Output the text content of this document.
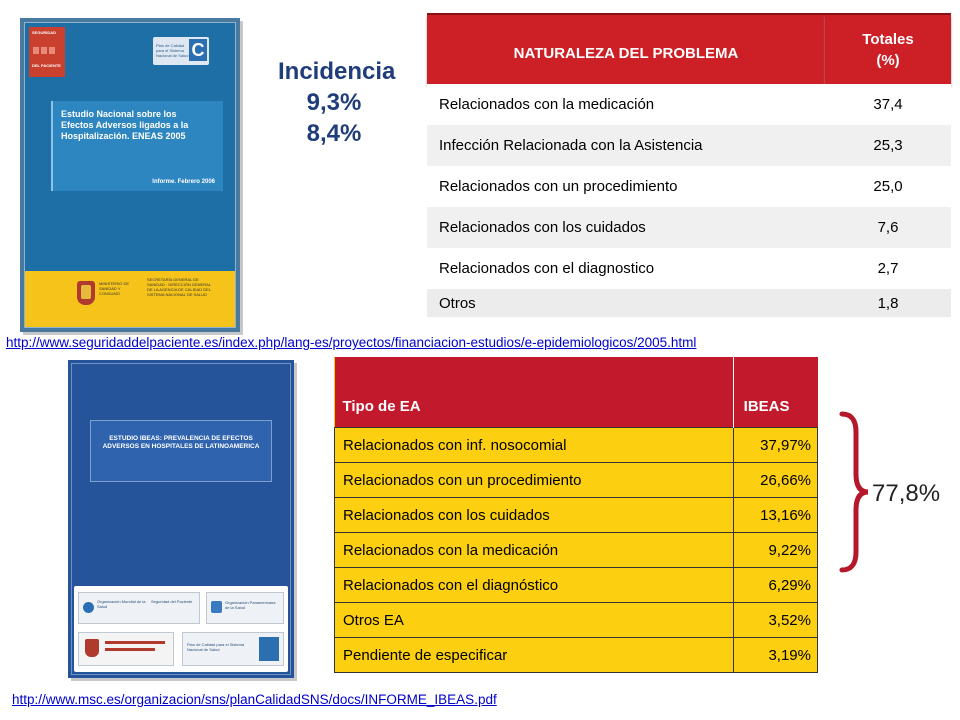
SEGURIDAD
DEL PACIENTE
Plan de Calidad para el Sistema Nacional de Salud C
Estudio Nacional sobre los Efectos Adversos ligados a la Hospitalización. ENEAS 2005
Informe. Febrero 2006
MINISTERIO DE SANIDAD Y CONSUMO
SECRETARÍA GENERAL DE SANIDAD · DIRECCIÓN GENERAL DE LA AGENCIA DE CALIDAD DEL SISTEMA NACIONAL DE SALUD
Incidencia
9,3%
8,4%
NATURALEZA DEL PROBLEMA	Totales
(%)

Relacionados con la medicación	37,4
Infección Relacionada con la Asistencia	25,3
Relacionados con un procedimiento	25,0
Relacionados con los cuidados	7,6
Relacionados con el diagnostico	2,7
Otros	1,8
http://www.seguridaddelpaciente.es/index.php/lang-es/proyectos/financiacion-estudios/e-epidemiologicos/2005.html
ESTUDIO IBEAS: PREVALENCIA DE EFECTOS ADVERSOS EN HOSPITALES DE LATINOAMERICA
Organización Mundial de la Salud
Seguridad del Paciente	Organización Panamericana de la Salud
Plan de Calidad para el Sistema Nacional de Salud
Tipo de EA	IBEAS
Relacionados con inf. nosocomial	37,97%
Relacionados con un procedimiento	26,66%
Relacionados con los cuidados	13,16%
Relacionados con la medicación	9,22%
Relacionados con el diagnóstico	6,29%
Otros EA	3,52%
Pendiente de especificar	3,19%
77,8%
http://www.msc.es/organizacion/sns/planCalidadSNS/docs/INFORME_IBEAS.pdf
